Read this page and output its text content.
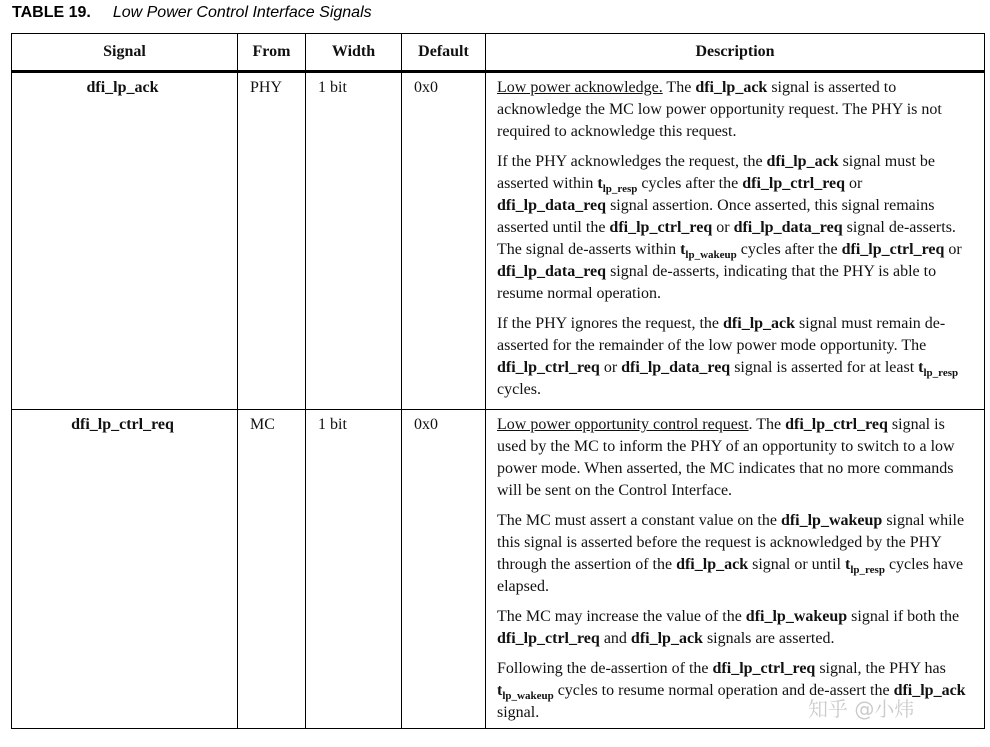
TABLE 19. Low Power Control Interface Signals
Signal	From	Width	Default	Description
dfi_lp_ack	PHY	1 bit	0x0	Low power acknowledge. The dfi_lp_ack signal is asserted to acknowledge the MC low power opportunity request. The PHY is not required to acknowledge this request.
If the PHY acknowledges the request, the dfi_lp_ack signal must be asserted within $t_{lp\_resp}$ cycles after the dfi_lp_ctrl_req or dfi_lp_data_req signal assertion. Once asserted, this signal remains asserted until the dfi_lp_ctrl_req or dfi_lp_data_req signal de-asserts. The signal de-asserts within $t_{lp\_wakeup}$ cycles after the dfi_lp_ctrl_req or dfi_lp_data_req signal de-asserts, indicating that the PHY is able to resume normal operation.
If the PHY ignores the request, the dfi_lp_ack signal must remain de-asserted for the remainder of the low power mode opportunity. The dfi_lp_ctrl_req or dfi_lp_data_req signal is asserted for at least $t_{lp\_resp}$ cycles.

dfi_lp_ctrl_req	MC	1 bit	0x0	Low power opportunity control request. The dfi_lp_ctrl_req signal is used by the MC to inform the PHY of an opportunity to switch to a low power mode. When asserted, the MC indicates that no more commands will be sent on the Control Interface.
The MC must assert a constant value on the dfi_lp_wakeup signal while this signal is asserted before the request is acknowledged by the PHY through the assertion of the dfi_lp_ack signal or until $t_{lp\_resp}$ cycles have elapsed.
The MC may increase the value of the dfi_lp_wakeup signal if both the dfi_lp_ctrl_req and dfi_lp_ack signals are asserted.
Following the de-assertion of the dfi_lp_ctrl_req signal, the PHY has $t_{lp\_wakeup}$ cycles to resume normal operation and de-assert the dfi_lp_ack signal.	知乎 @小炜
